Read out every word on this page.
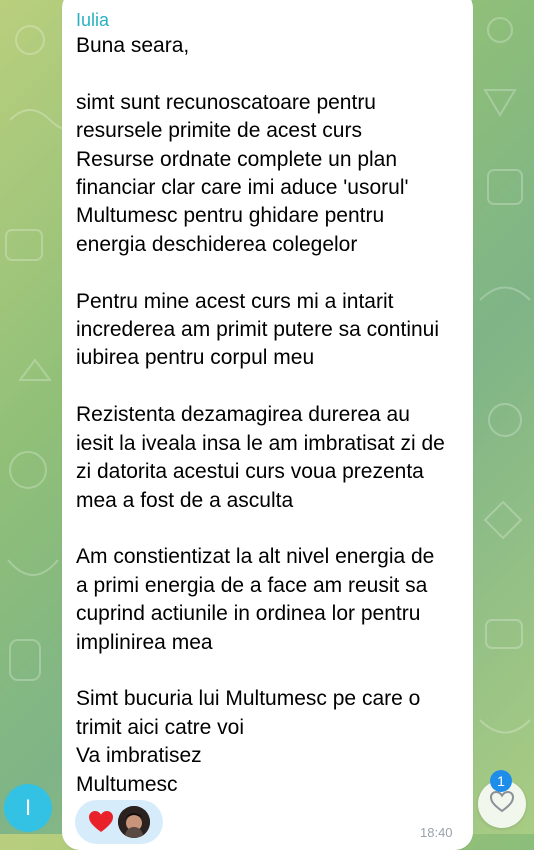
Iulia

Buna seara,

simt sunt recunoscatoare pentru
resursele primite de acest curs
Resurse ordnate complete un plan
financiar clar care imi aduce 'usorul'
Multumesc pentru ghidare pentru
energia deschiderea colegelor

Pentru mine acest curs mi a intarit
increderea am primit putere sa continui
iubirea pentru corpul meu

Rezistenta dezamagirea durerea au
iesit la iveala insa le am imbratisat zi de
zi datorita acestui curs voua prezenta
mea a fost de a asculta

Am constientizat la alt nivel energia de
a primi energia de a face am reusit sa
cuprind actiunile in ordinea lor pentru
implinirea mea

Simt bucuria lui Multumesc pe care o
trimit aici catre voi
Va imbratisez
Multumesc

18:40
I
1
